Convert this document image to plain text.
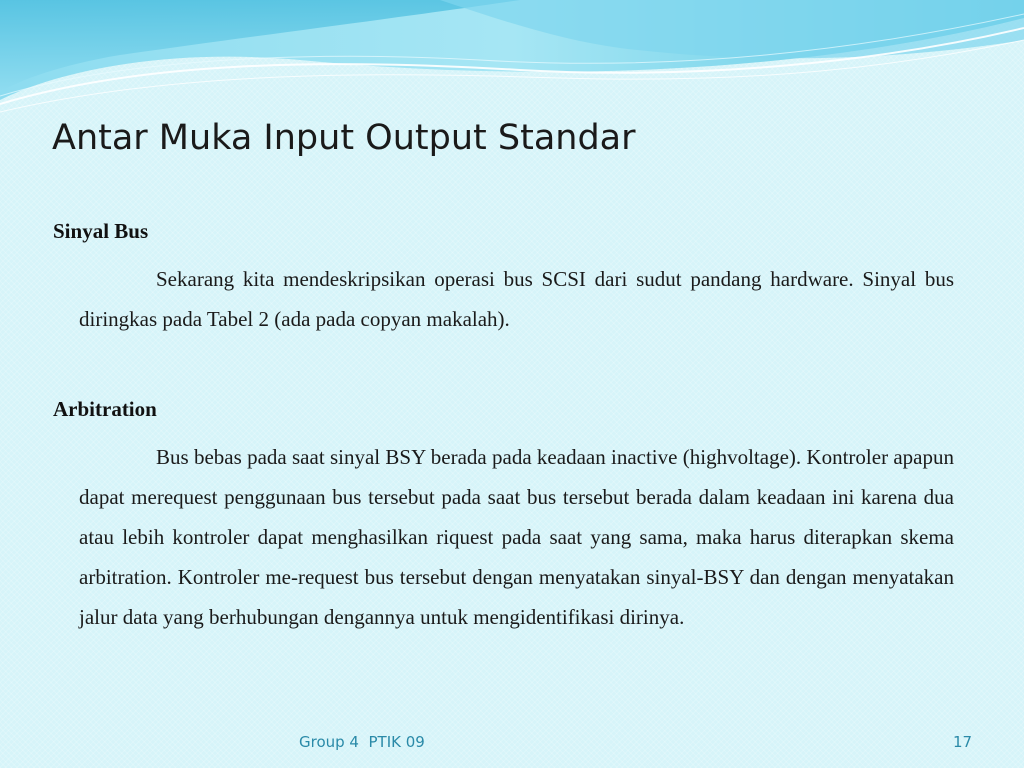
Antar Muka Input Output Standar
Sinyal Bus

Sekarang kita mendeskripsikan operasi bus SCSI dari sudut pandang hardware. Sinyal bus diringkas pada Tabel 2 (ada pada copyan makalah).

Arbitration

Bus bebas pada saat sinyal BSY berada pada keadaan inactive (highvoltage). Kontroler apapun dapat merequest penggunaan bus tersebut pada saat bus tersebut berada dalam keadaan ini karena dua atau lebih kontroler dapat menghasilkan riquest pada saat yang sama, maka harus diterapkan skema arbitration. Kontroler me-request bus tersebut dengan menyatakan sinyal-BSY dan dengan menyatakan jalur data yang berhubungan dengannya untuk mengidentifikasi dirinya.

Group 4  PTIK 09	17
